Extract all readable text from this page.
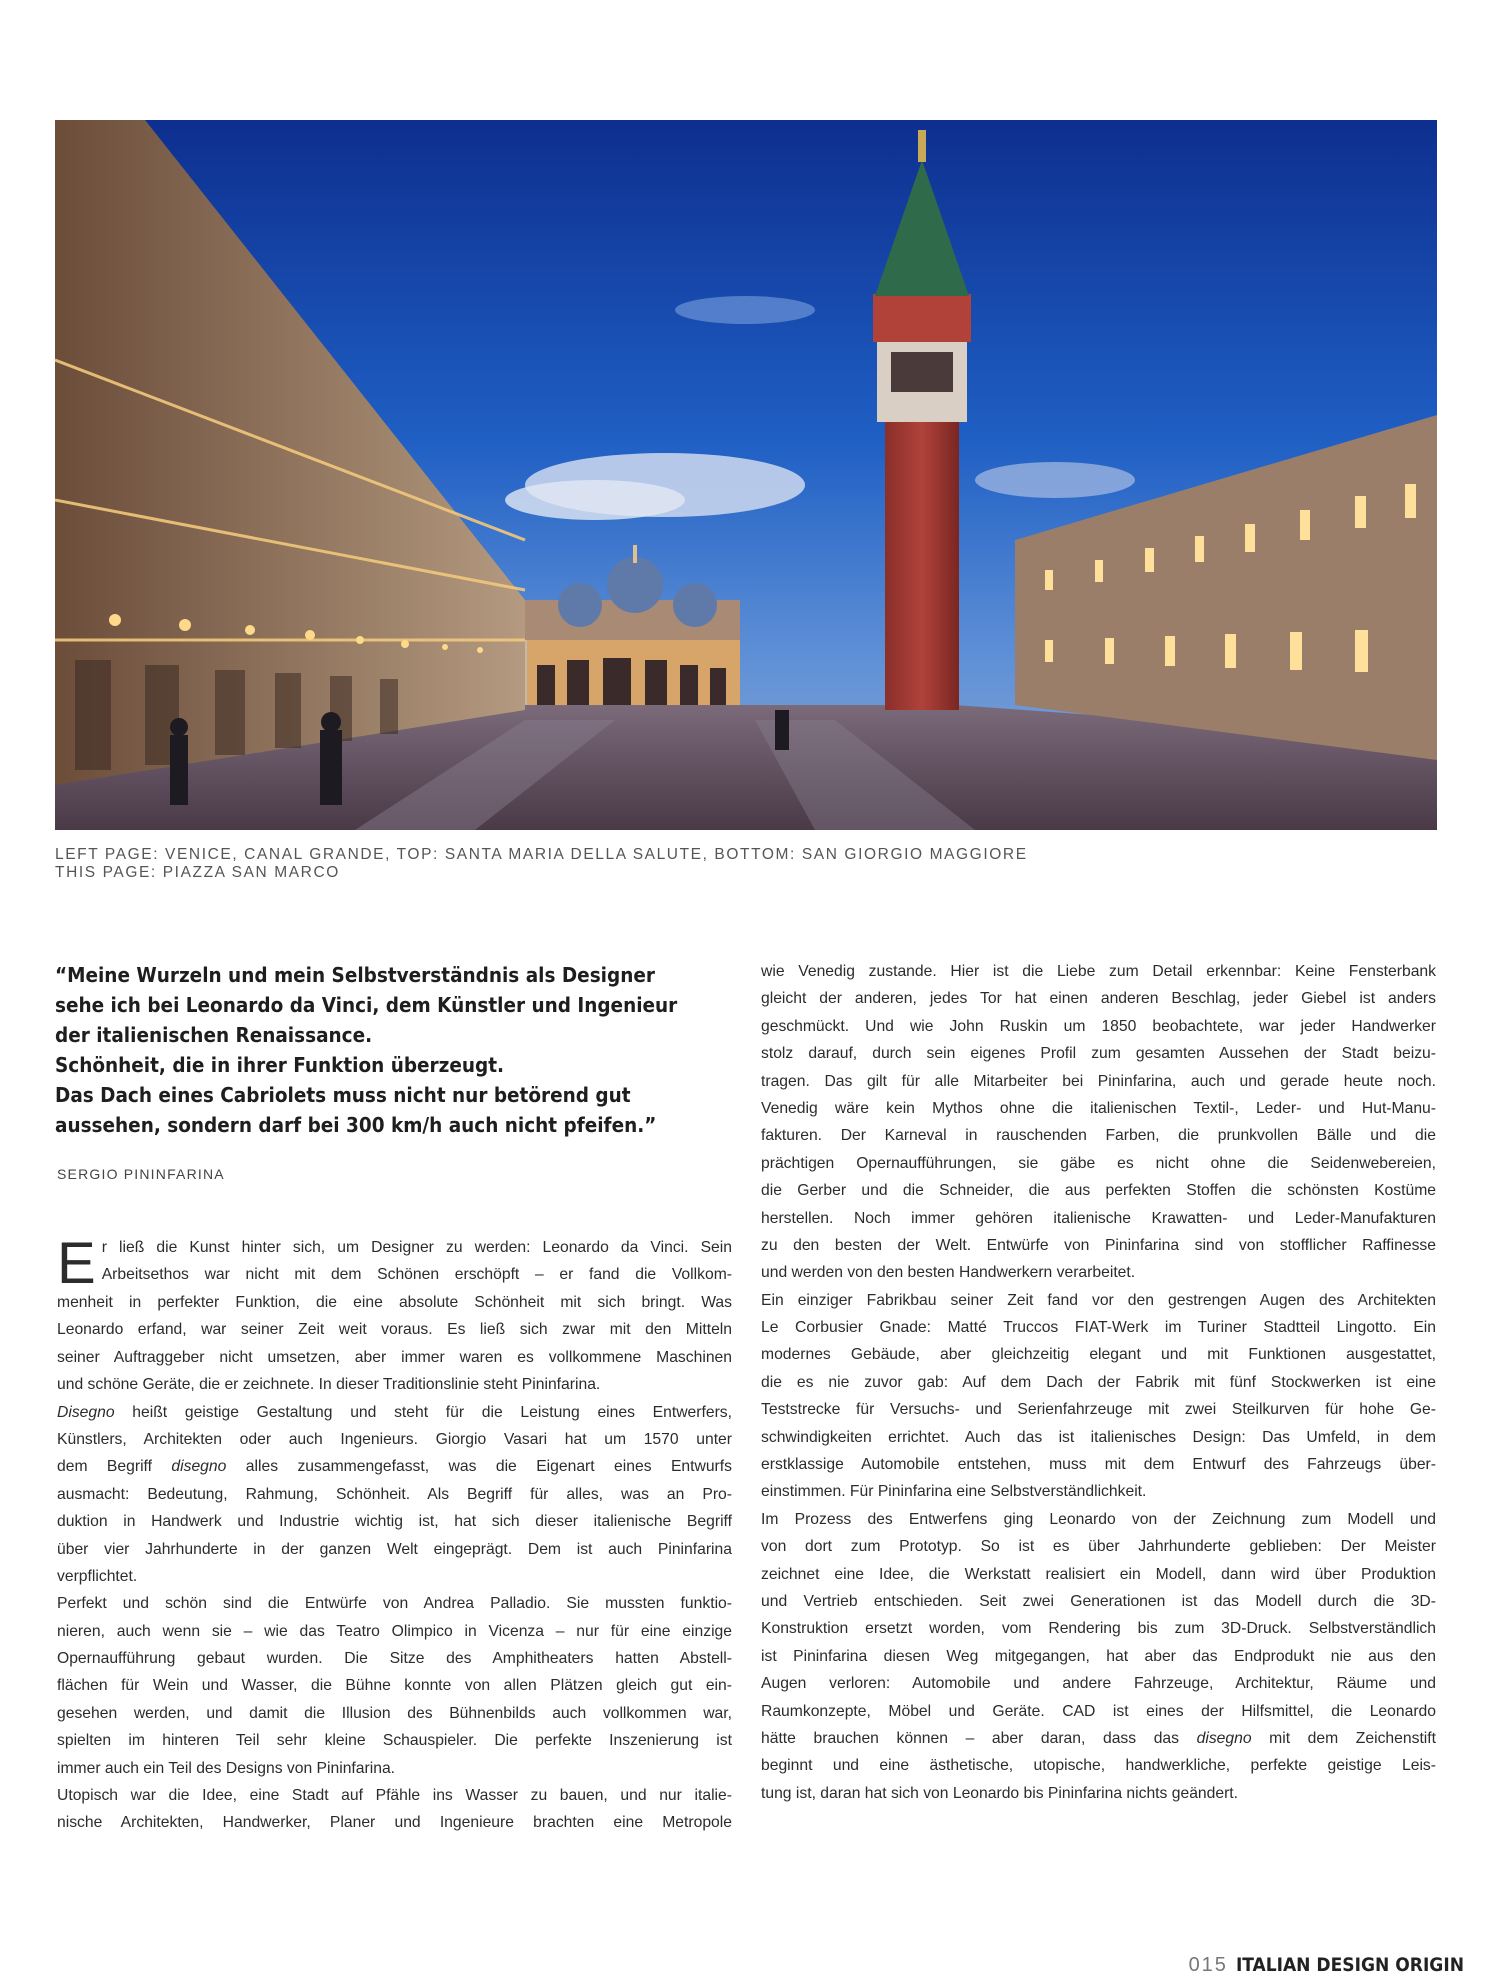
LEFT PAGE: VENICE, CANAL GRANDE, TOP: SANTA MARIA DELLA SALUTE, BOTTOM: SAN GIORGIO MAGGIORE
THIS PAGE: PIAZZA SAN MARCO
“Meine Wurzeln und mein Selbstverständnis als Designer
sehe ich bei Leonardo da Vinci, dem Künstler und Ingenieur
der italienischen Renaissance.
Schönheit, die in ihrer Funktion überzeugt.
Das Dach eines Cabriolets muss nicht nur betörend gut
aussehen, sondern darf bei 300 km/h auch nicht pfeifen.”
SERGIO PININFARINA
E r ließ die Kunst hinter sich, um Designer zu werden: Leonardo da Vinci. Sein
Arbeitsethos war nicht mit dem Schönen erschöpft – er fand die Vollkom-
menheit in perfekter Funktion, die eine absolute Schönheit mit sich bringt. Was
Leonardo erfand, war seiner Zeit weit voraus. Es ließ sich zwar mit den Mitteln
seiner Auftraggeber nicht umsetzen, aber immer waren es vollkommene Maschinen
und schöne Geräte, die er zeichnete. In dieser Traditionslinie steht Pininfarina.
Disegno heißt geistige Gestaltung und steht für die Leistung eines Entwerfers,
Künstlers, Architekten oder auch Ingenieurs. Giorgio Vasari hat um 1570 unter
dem Begriff disegno alles zusammengefasst, was die Eigenart eines Entwurfs
ausmacht: Bedeutung, Rahmung, Schönheit. Als Begriff für alles, was an Pro-
duktion in Handwerk und Industrie wichtig ist, hat sich dieser italienische Begriff
über vier Jahrhunderte in der ganzen Welt eingeprägt. Dem ist auch Pininfarina
verpflichtet.
Perfekt und schön sind die Entwürfe von Andrea Palladio. Sie mussten funktio-
nieren, auch wenn sie – wie das Teatro Olimpico in Vicenza – nur für eine einzige
Opernaufführung gebaut wurden. Die Sitze des Amphitheaters hatten Abstell-
flächen für Wein und Wasser, die Bühne konnte von allen Plätzen gleich gut ein-
gesehen werden, und damit die Illusion des Bühnenbilds auch vollkommen war,
spielten im hinteren Teil sehr kleine Schauspieler. Die perfekte Inszenierung ist
immer auch ein Teil des Designs von Pininfarina.
Utopisch war die Idee, eine Stadt auf Pfähle ins Wasser zu bauen, und nur italie-
nische Architekten, Handwerker, Planer und Ingenieure brachten eine Metropole
wie Venedig zustande. Hier ist die Liebe zum Detail erkennbar: Keine Fensterbank
gleicht der anderen, jedes Tor hat einen anderen Beschlag, jeder Giebel ist anders
geschmückt. Und wie John Ruskin um 1850 beobachtete, war jeder Handwerker
stolz darauf, durch sein eigenes Profil zum gesamten Aussehen der Stadt beizu-
tragen. Das gilt für alle Mitarbeiter bei Pininfarina, auch und gerade heute noch.
Venedig wäre kein Mythos ohne die italienischen Textil-, Leder- und Hut-Manu-
fakturen. Der Karneval in rauschenden Farben, die prunkvollen Bälle und die
prächtigen Opernaufführungen, sie gäbe es nicht ohne die Seidenwebereien,
die Gerber und die Schneider, die aus perfekten Stoffen die schönsten Kostüme
herstellen. Noch immer gehören italienische Krawatten- und Leder-Manufakturen
zu den besten der Welt. Entwürfe von Pininfarina sind von stofflicher Raffinesse
und werden von den besten Handwerkern verarbeitet.
Ein einziger Fabrikbau seiner Zeit fand vor den gestrengen Augen des Architekten
Le Corbusier Gnade: Matté Truccos FIAT-Werk im Turiner Stadtteil Lingotto. Ein
modernes Gebäude, aber gleichzeitig elegant und mit Funktionen ausgestattet,
die es nie zuvor gab: Auf dem Dach der Fabrik mit fünf Stockwerken ist eine
Teststrecke für Versuchs- und Serienfahrzeuge mit zwei Steilkurven für hohe Ge-
schwindigkeiten errichtet. Auch das ist italienisches Design: Das Umfeld, in dem
erstklassige Automobile entstehen, muss mit dem Entwurf des Fahrzeugs über-
einstimmen. Für Pininfarina eine Selbstverständlichkeit.
Im Prozess des Entwerfens ging Leonardo von der Zeichnung zum Modell und
von dort zum Prototyp. So ist es über Jahrhunderte geblieben: Der Meister
zeichnet eine Idee, die Werkstatt realisiert ein Modell, dann wird über Produktion
und Vertrieb entschieden. Seit zwei Generationen ist das Modell durch die 3D-
Konstruktion ersetzt worden, vom Rendering bis zum 3D-Druck. Selbstverständlich
ist Pininfarina diesen Weg mitgegangen, hat aber das Endprodukt nie aus den
Augen verloren: Automobile und andere Fahrzeuge, Architektur, Räume und
Raumkonzepte, Möbel und Geräte. CAD ist eines der Hilfsmittel, die Leonardo
hätte brauchen können – aber daran, dass das disegno mit dem Zeichenstift
beginnt und eine ästhetische, utopische, handwerkliche, perfekte geistige Leis-
tung ist, daran hat sich von Leonardo bis Pininfarina nichts geändert.
015 ITALIAN DESIGN ORIGIN
